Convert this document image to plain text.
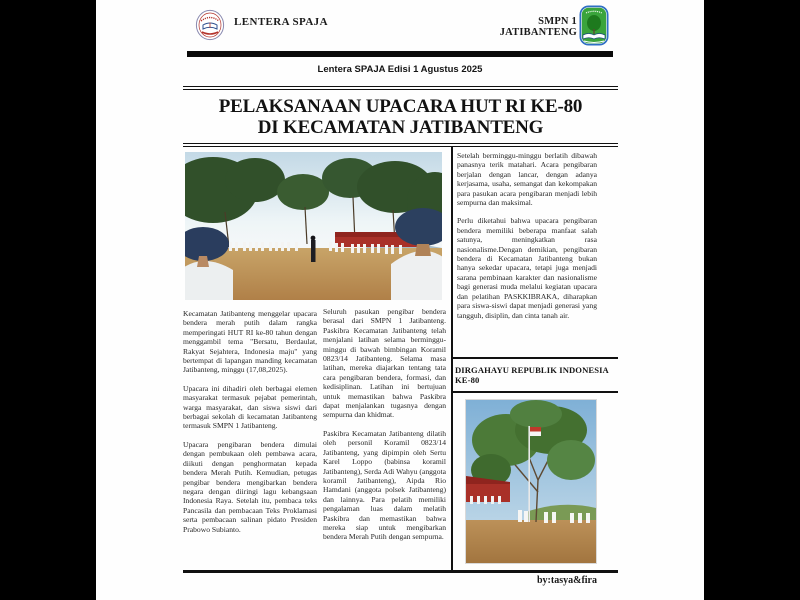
LENTERA SPAJA	SMPN 1 JATIBANTENG
Lentera SPAJA Edisi 1 Agustus 2025
PELAKSANAAN UPACARA HUT RI KE-80
DI KECAMATAN JATIBANTENG

Kecamatan Jatibanteng menggelar upacara bendera merah putih dalam rangka memperingati HUT RI ke-80 tahun dengan menggambil tema "Bersatu, Berdaulat, Rakyat Sejahtera, Indonesia maju" yang bertempat di lapangan manding kecamatan Jatibanteng, minggu (17,08,2025).

Upacara ini dihadiri oleh berbagai elemen masyarakat termasuk pejabat pemerintah, warga masyarakat, dan siswa siswi dari berbagai sekolah di kecamatan Jatibanteng termasuk SMPN 1 Jatibanteng.

Upacara pengibaran bendera dimulai dengan pembukaan oleh pembawa acara, diikuti dengan penghormatan kepada bendera Merah Putih. Kemudian, petugas pengibar bendera mengibarkan bendera negara dengan diiringi lagu kebangsaan Indonesia Raya. Setelah itu, pembaca teks Pancasila dan pembacaan Teks Proklamasi serta pembacaan salinan pidato Presiden Prabowo Subianto.

Seluruh pasukan pengibar bendera berasal dari SMPN 1 Jatibanteng. Paskibra Kecamatan Jatibanteng telah menjalani latihan selama berminggu-minggu di bawah bimbingan Koramil 0823/14 Jatibanteng. Selama masa latihan, mereka diajarkan tentang tata cara pengibaran bendera, formasi, dan kedisiplinan. Latihan ini bertujuan untuk memastikan bahwa Paskibra dapat menjalankan tugasnya dengan sempurna dan khidmat.

Paskibra Kecamatan Jatibanteng dilatih oleh personil Koramil 0823/14 Jatibanteng, yang dipimpin oleh Sertu Karel Loppo (babinsa koramil Jatibanteng), Serda Adi Wahyu (anggota koramil Jatibanteng), Aipda Rio Hamdani (anggota polsek Jatibanteng) dan lainnya. Para pelatih memiliki pengalaman luas dalam melatih Paskibra dan memastikan bahwa mereka siap untuk mengibarkan bendera Merah Putih dengan sempurna.

Setelah berminggu-minggu berlatih dibawah panasnya terik matahari. Acara pengibaran berjalan dengan lancar, dengan adanya kerjasama, usaha, semangat dan kekompakan para pasukan acara pengibaran menjadi lebih sempurna dan maksimal.

Perlu diketahui bahwa upacara pengibaran bendera memiliki beberapa manfaat salah satunya, meningkatkan rasa nasionalisme.Dengan demikian, pengibaran bendera di Kecamatan Jatibanteng bukan hanya sekedar upacara, tetapi juga menjadi sarana pembinaan karakter dan nasionalisme bagi generasi muda melalui kegiatan upacara dan pelatihan PASKKIBRAKA, diharapkan para siswa-siswi dapat menjadi generasi yang tangguh, disiplin, dan cinta tanah air.

DIRGAHAYU REPUBLIK INDONESIA KE-80
by:tasya&fira
